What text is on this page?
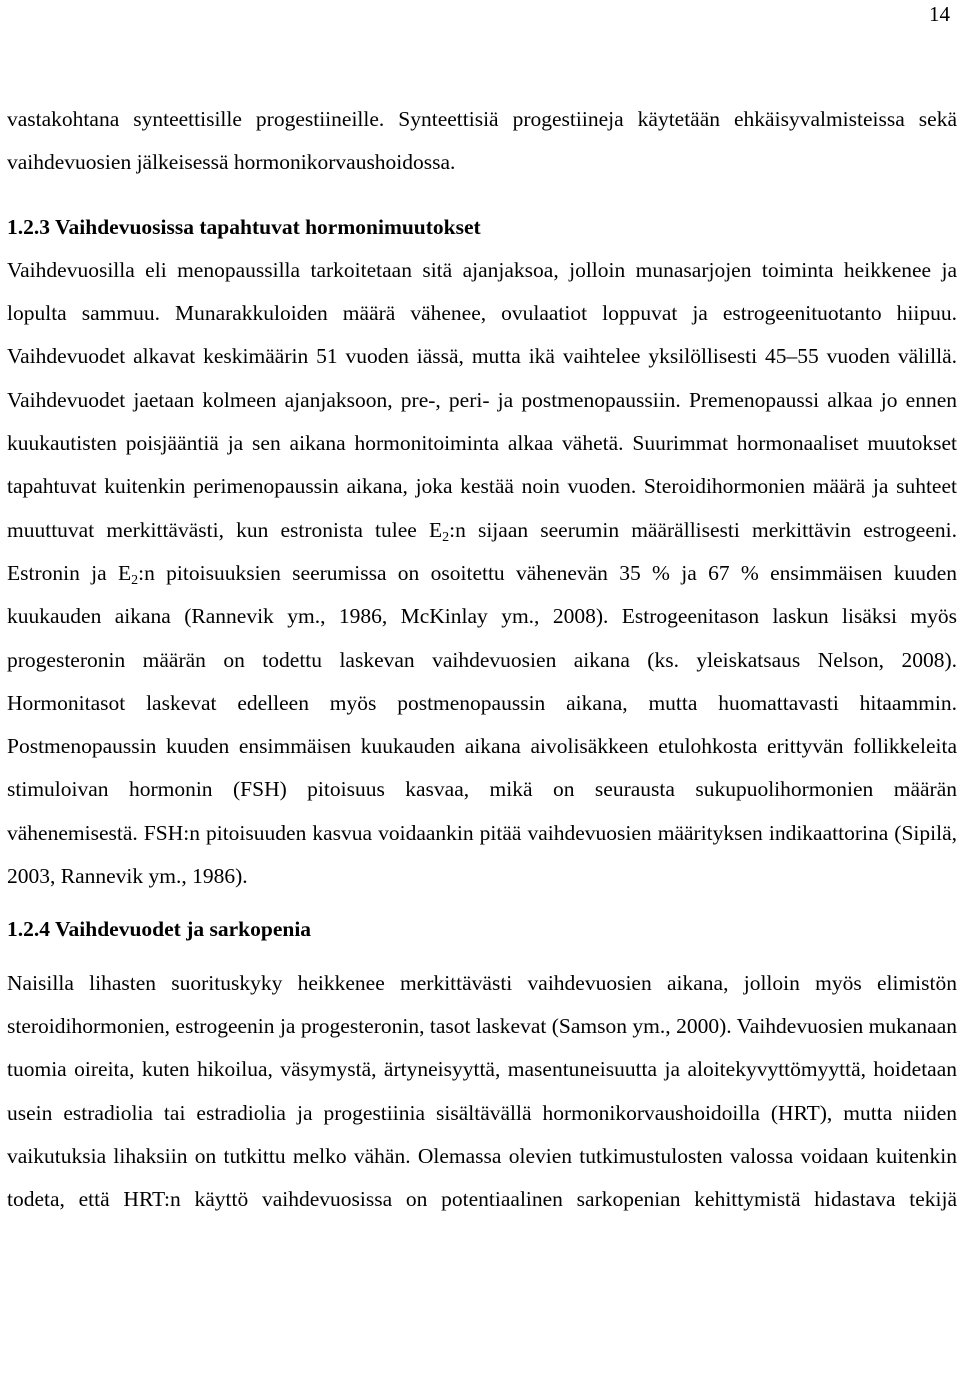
14

vastakohtana synteettisille progestiineille. Synteettisiä progestiineja käytetään ehkäisyvalmisteissa sekä vaihdevuosien jälkeisessä hormonikorvaushoidossa.

1.2.3 Vaihdevuosissa tapahtuvat hormonimuutokset

Vaihdevuosilla eli menopaussilla tarkoitetaan sitä ajanjaksoa, jolloin munasarjojen toiminta heikkenee ja lopulta sammuu. Munarakkuloiden määrä vähenee, ovulaatiot loppuvat ja estrogeenituotanto hiipuu. Vaihdevuodet alkavat keskimäärin 51 vuoden iässä, mutta ikä vaihtelee yksilöllisesti 45–55 vuoden välillä. Vaihdevuodet jaetaan kolmeen ajanjaksoon, pre-, peri- ja postmenopaussiin. Premenopaussi alkaa jo ennen kuukautisten poisjääntiä ja sen aikana hormonitoiminta alkaa vähetä. Suurimmat hormonaaliset muutokset tapahtuvat kuitenkin perimenopaussin aikana, joka kestää noin vuoden. Steroidihormonien määrä ja suhteet muuttuvat merkittävästi, kun estronista tulee $E_2:n$ sijaan seerumin määrällisesti merkittävin estrogeeni. Estronin ja $E_2:n$ pitoisuuksien seerumissa on osoitettu vähenevän 35 % ja 67 % ensimmäisen kuuden kuukauden aikana (Rannevik ym., 1986, McKinlay ym., 2008). Estrogeenitason laskun lisäksi myös progesteronin määrän on todettu laskevan vaihdevuosien aikana (ks. yleiskatsaus Nelson, 2008). Hormonitasot laskevat edelleen myös postmenopaussin aikana, mutta huomattavasti hitaammin. Postmenopaussin kuuden ensimmäisen kuukauden aikana aivolisäkkeen etulohkosta erittyvän follikkeleita stimuloivan hormonin (FSH) pitoisuus kasvaa, mikä on seurausta sukupuolihormonien määrän vähenemisestä. FSH:n pitoisuuden kasvua voidaankin pitää vaihdevuosien määrityksen indikaattorina (Sipilä, 2003, Rannevik ym., 1986).

1.2.4 Vaihdevuodet ja sarkopenia

Naisilla lihasten suorituskyky heikkenee merkittävästi vaihdevuosien aikana, jolloin myös elimistön steroidihormonien, estrogeenin ja progesteronin, tasot laskevat (Samson ym., 2000). Vaihdevuosien mukanaan tuomia oireita, kuten hikoilua, väsymystä, ärtyneisyyttä, masentuneisuutta ja aloitekyvyttömyyttä, hoidetaan usein estradiolia tai estradiolia ja progestiinia sisältävällä hormonikorvaushoidoilla (HRT), mutta niiden vaikutuksia lihaksiin on tutkittu melko vähän. Olemassa olevien tutkimustulosten valossa voidaan kuitenkin todeta, että HRT:n käyttö vaihdevuosissa on potentiaalinen sarkopenian kehittymistä hidastava tekijä
